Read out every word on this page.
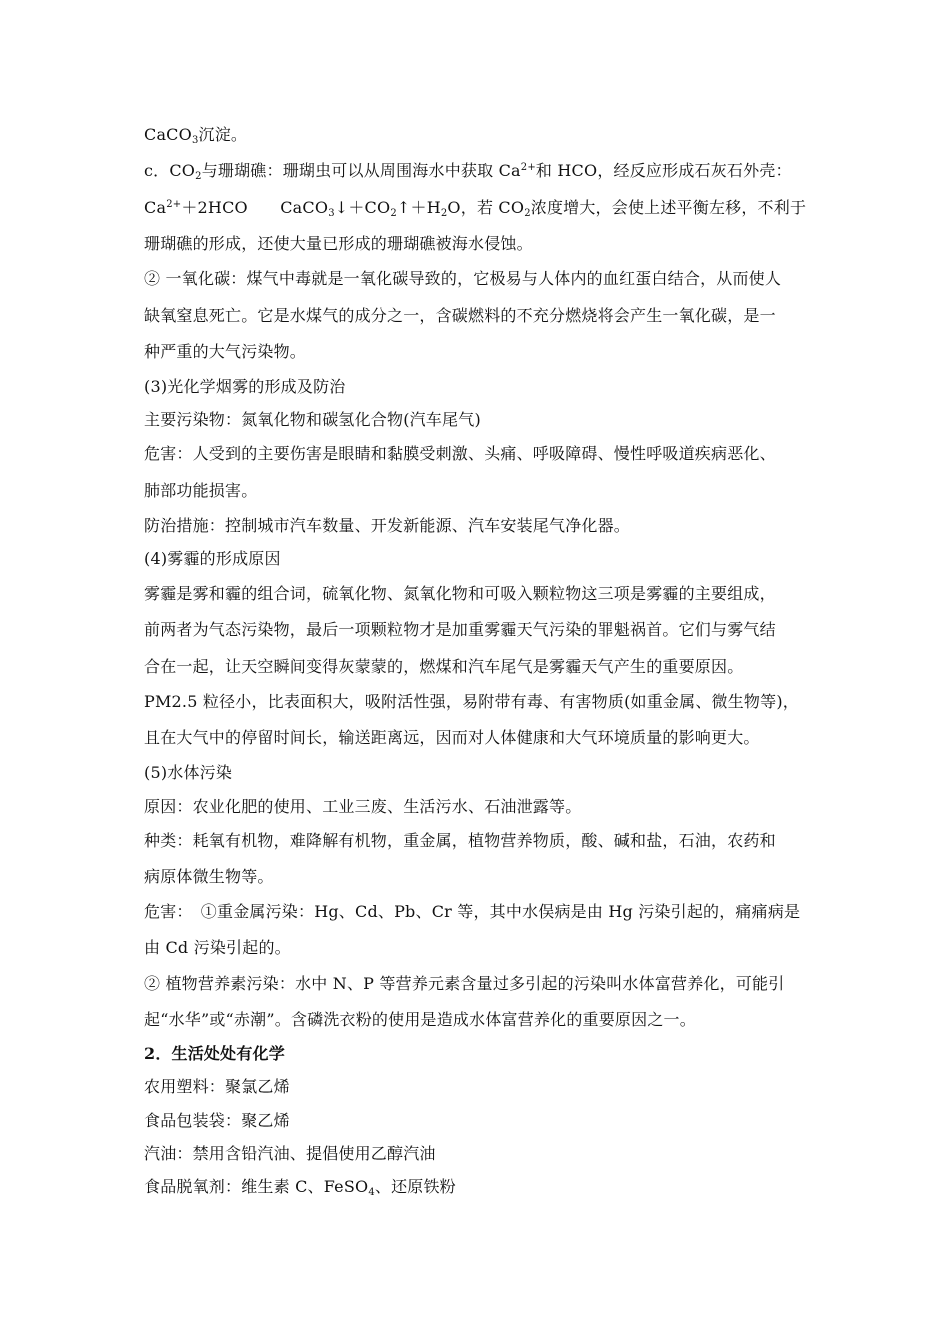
CaCO$_3$沉淀。
c．$CO_2$与珊瑚礁：珊瑚虫可以从周围海水中获取 $Ca^{2+}$和 HCO，经反应形成石灰石外壳：
$Ca^{2+}+2HCO$　　$CaCO_3↓+CO_2↑+H_2O$，若 $CO_2$浓度增大，会使上述平衡左移，不利于
珊瑚礁的形成，还使大量已形成的珊瑚礁被海水侵蚀。
② 一氧化碳：煤气中毒就是一氧化碳导致的，它极易与人体内的血红蛋白结合，从而使人
缺氧窒息死亡。它是水煤气的成分之一，含碳燃料的不充分燃烧将会产生一氧化碳，是一
种严重的大气污染物。
(3)光化学烟雾的形成及防治
主要污染物：氮氧化物和碳氢化合物(汽车尾气)
危害：人受到的主要伤害是眼睛和黏膜受刺激、头痛、呼吸障碍、慢性呼吸道疾病恶化、
肺部功能损害。
防治措施：控制城市汽车数量、开发新能源、汽车安装尾气净化器。
(4)雾霾的形成原因
雾霾是雾和霾的组合词，硫氧化物、氮氧化物和可吸入颗粒物这三项是雾霾的主要组成，
前两者为气态污染物，最后一项颗粒物才是加重雾霾天气污染的罪魁祸首。它们与雾气结
合在一起，让天空瞬间变得灰蒙蒙的，燃煤和汽车尾气是雾霾天气产生的重要原因。
PM2.5 粒径小，比表面积大，吸附活性强，易附带有毒、有害物质(如重金属、微生物等)，
且在大气中的停留时间长，输送距离远，因而对人体健康和大气环境质量的影响更大。
(5)水体污染
原因：农业化肥的使用、工业三废、生活污水、石油泄露等。
种类：耗氧有机物，难降解有机物，重金属，植物营养物质，酸、碱和盐，石油，农药和
病原体微生物等。
危害：　①重金属污染：Hg、Cd、Pb、Cr 等，其中水俣病是由 Hg 污染引起的，痛痛病是
由 Cd 污染引起的。
② 植物营养素污染：水中 N、P 等营养元素含量过多引起的污染叫水体富营养化，可能引
起“水华”或“赤潮”。含磷洗衣粉的使用是造成水体富营养化的重要原因之一。
2．生活处处有化学
农用塑料：聚氯乙烯
食品包装袋：聚乙烯
汽油：禁用含铅汽油、提倡使用乙醇汽油
食品脱氧剂：维生素 C、FeSO$_4$、还原铁粉
